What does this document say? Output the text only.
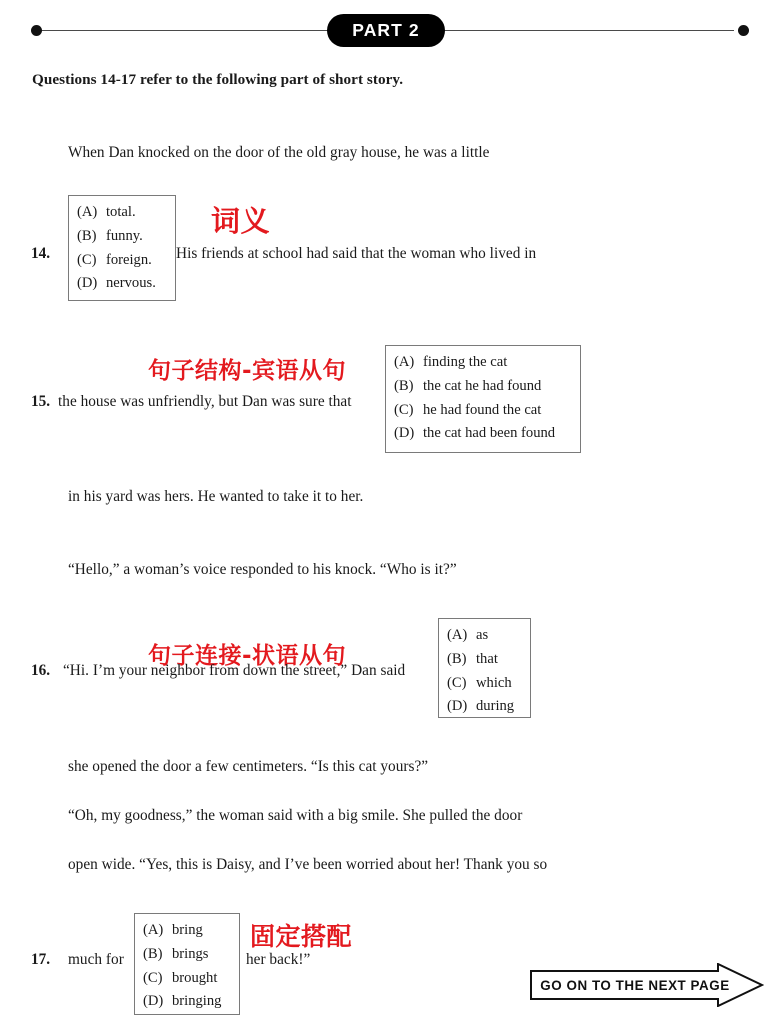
PART 2
Questions 14-17 refer to the following part of short story.
When Dan knocked on the door of the old gray house, he was a little
14.
(A) total.
(B) funny.
(C) foreign.
(D) nervous.
词义
His friends at school had said that the woman who lived in
句子结构-宾语从句
15. the house was unfriendly, but Dan was sure that
(A) finding the cat
(B) the cat he had found
(C) he had found the cat
(D) the cat had been found
in his yard was hers. He wanted to take it to her.
“Hello,” a woman’s voice responded to his knock. “Who is it?”
句子连接-状语从句
16. “Hi. I’m your neighbor from down the street,” Dan said
(A) as
(B) that
(C) which
(D) during
she opened the door a few centimeters. “Is this cat yours?”
“Oh, my goodness,” the woman said with a big smile. She pulled the door
open wide. “Yes, this is Daisy, and I’ve been worried about her! Thank you so
17. much for
(A) bring
(B) brings
(C) brought
(D) bringing
固定搭配
her back!”
GO ON TO THE NEXT PAGE
